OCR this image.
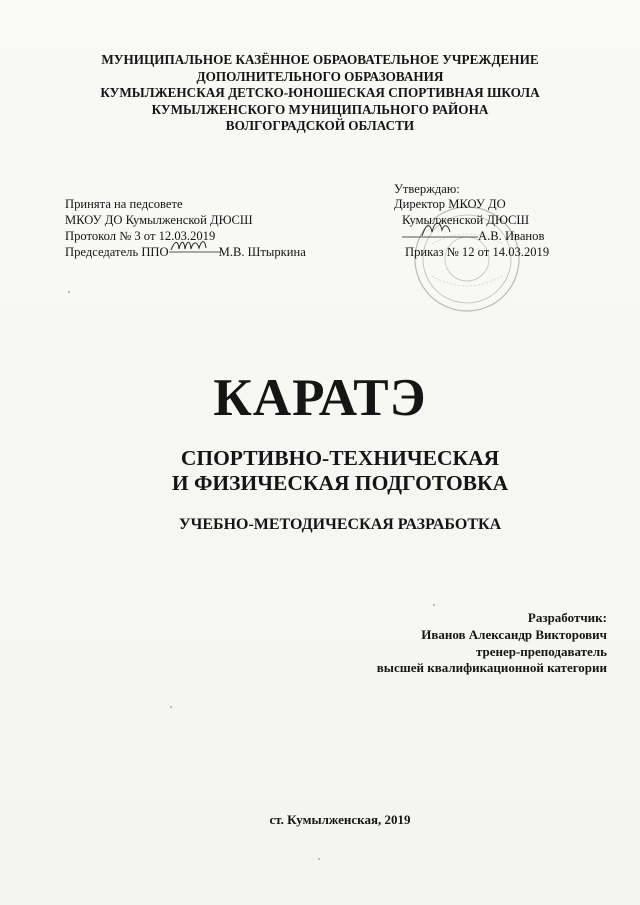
МУНИЦИПАЛЬНОЕ КАЗЁННОЕ ОБРАОВАТЕЛЬНОЕ УЧРЕЖДЕНИЕ
ДОПОЛНИТЕЛЬНОГО ОБРАЗОВАНИЯ
КУМЫЛЖЕНСКАЯ ДЕТСКО-ЮНОШЕСКАЯ СПОРТИВНАЯ ШКОЛА
КУМЫЛЖЕНСКОГО МУНИЦИПАЛЬНОГО РАЙОНА
ВОЛГОГРАДСКОЙ ОБЛАСТИ
Принята на педсовете
МКОУ ДО Кумылженской ДЮСШ
Протокол № 3 от 12.03.2019
Председатель ППО	М.В. Штыркина
Утверждаю:
Директор МКОУ ДО
Кумылженской ДЮСШ
А.В. Иванов
Приказ № 12 от 14.03.2019
КАРАТЭ
СПОРТИВНО-ТЕХНИЧЕСКАЯ
И ФИЗИЧЕСКАЯ ПОДГОТОВКА
УЧЕБНО-МЕТОДИЧЕСКАЯ РАЗРАБОТКА
Разработчик:
Иванов Александр Викторович
тренер-преподаватель
высшей квалификационной категории
ст. Кумылженская, 2019
